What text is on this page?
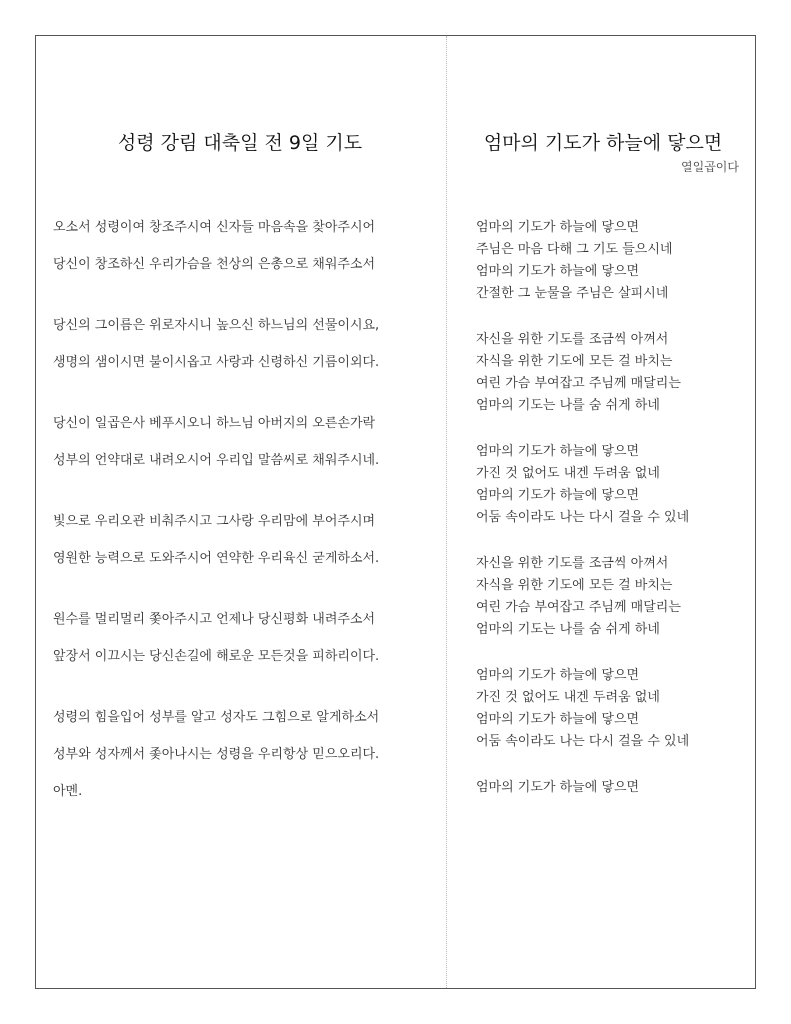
성령 강림 대축일 전 9일 기도
오소서 성령이여 창조주시여 신자들 마음속을 찾아주시어
당신이 창조하신 우리가슴을 천상의 은총으로 채워주소서
당신의 그이름은 위로자시니 높으신 하느님의 선물이시요,
생명의 샘이시면 불이시옵고 사랑과 신령하신 기름이외다.
당신이 일곱은사 베푸시오니 하느님 아버지의 오른손가락
성부의 언약대로 내려오시어 우리입 말씀씨로 채워주시네.
빛으로 우리오관 비춰주시고 그사랑 우리맘에 부어주시며
영원한 능력으로 도와주시어 연약한 우리육신 굳게하소서.
원수를 멀리멀리 쫓아주시고 언제나 당신평화 내려주소서
앞장서 이끄시는 당신손길에 해로운 모든것을 피하리이다.
성령의 힘을입어 성부를 알고 성자도 그힘으로 알게하소서
성부와 성자께서 좇아나시는 성령을 우리항상 믿으오리다.
아멘.
엄마의 기도가 하늘에 닿으면
열일곱이다
엄마의 기도가 하늘에 닿으면
주님은 마음 다해 그 기도 들으시네
엄마의 기도가 하늘에 닿으면
간절한 그 눈물을 주님은 살피시네
자신을 위한 기도를 조금씩 아껴서
자식을 위한 기도에 모든 걸 바치는
여린 가슴 부여잡고 주님께 매달리는
엄마의 기도는 나를 숨 쉬게 하네
엄마의 기도가 하늘에 닿으면
가진 것 없어도 내겐 두려움 없네
엄마의 기도가 하늘에 닿으면
어둠 속이라도 나는 다시 걸을 수 있네
자신을 위한 기도를 조금씩 아껴서
자식을 위한 기도에 모든 걸 바치는
여린 가슴 부여잡고 주님께 매달리는
엄마의 기도는 나를 숨 쉬게 하네
엄마의 기도가 하늘에 닿으면
가진 것 없어도 내겐 두려움 없네
엄마의 기도가 하늘에 닿으면
어둠 속이라도 나는 다시 걸을 수 있네
엄마의 기도가 하늘에 닿으면
